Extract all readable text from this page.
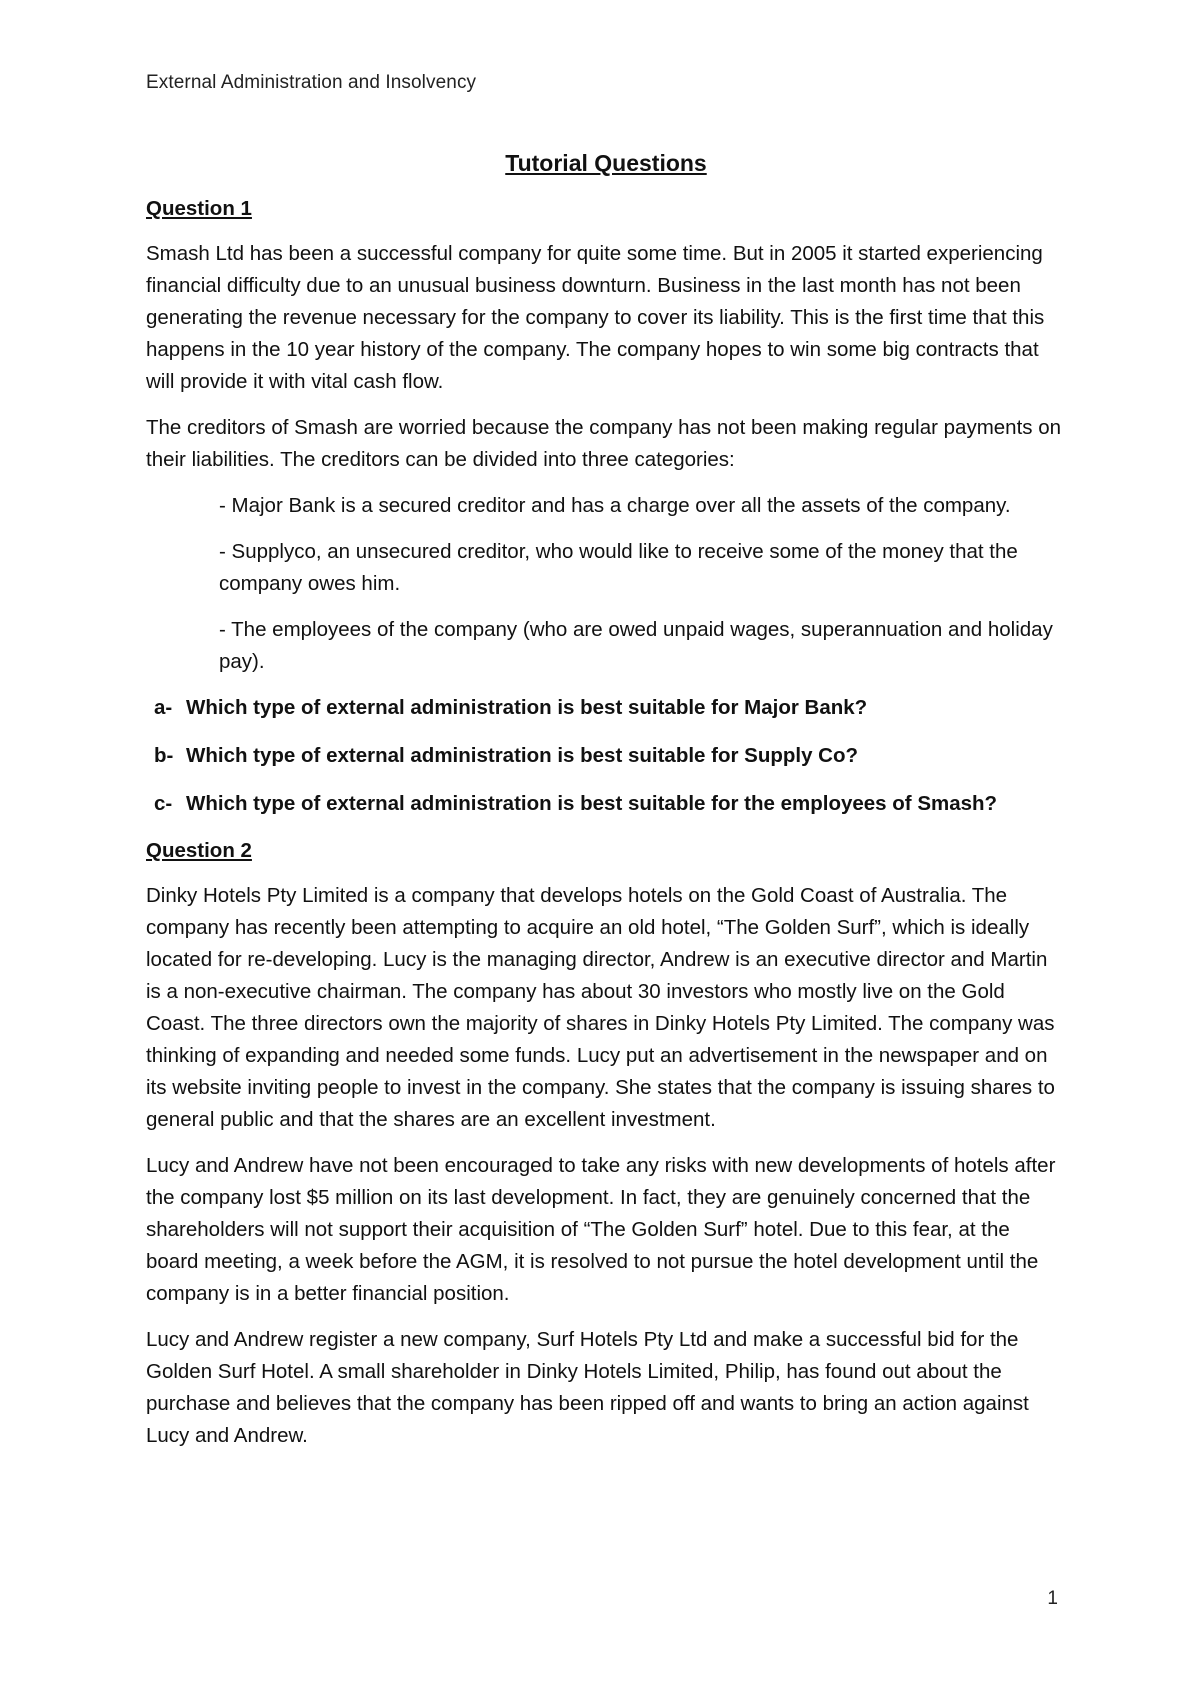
External Administration and Insolvency
Tutorial Questions
Question 1

Smash Ltd has been a successful company for quite some time. But in 2005 it started experiencing financial difficulty due to an unusual business downturn. Business in the last month has not been generating the revenue necessary for the company to cover its liability. This is the first time that this happens in the 10 year history of the company. The company hopes to win some big contracts that will provide it with vital cash flow.

The creditors of Smash are worried because the company has not been making regular payments on their liabilities. The creditors can be divided into three categories:

- Major Bank is a secured creditor and has a charge over all the assets of the company.

- Supplyco, an unsecured creditor, who would like to receive some of the money that the company owes him.

- The employees of the company (who are owed unpaid wages, superannuation and holiday pay).

a- Which type of external administration is best suitable for Major Bank?
b- Which type of external administration is best suitable for Supply Co?
c- Which type of external administration is best suitable for the employees of Smash?
Question 2

Dinky Hotels Pty Limited is a company that develops hotels on the Gold Coast of Australia. The company has recently been attempting to acquire an old hotel, “The Golden Surf”, which is ideally located for re-developing. Lucy is the managing director, Andrew is an executive director and Martin is a non-executive chairman. The company has about 30 investors who mostly live on the Gold Coast. The three directors own the majority of shares in Dinky Hotels Pty Limited. The company was thinking of expanding and needed some funds. Lucy put an advertisement in the newspaper and on its website inviting people to invest in the company. She states that the company is issuing shares to general public and that the shares are an excellent investment.

Lucy and Andrew have not been encouraged to take any risks with new developments of hotels after the company lost $5 million on its last development. In fact, they are genuinely concerned that the shareholders will not support their acquisition of “The Golden Surf” hotel. Due to this fear, at the board meeting, a week before the AGM, it is resolved to not pursue the hotel development until the company is in a better financial position.

Lucy and Andrew register a new company, Surf Hotels Pty Ltd and make a successful bid for the Golden Surf Hotel. A small shareholder in Dinky Hotels Limited, Philip, has found out about the purchase and believes that the company has been ripped off and wants to bring an action against Lucy and Andrew.

1
